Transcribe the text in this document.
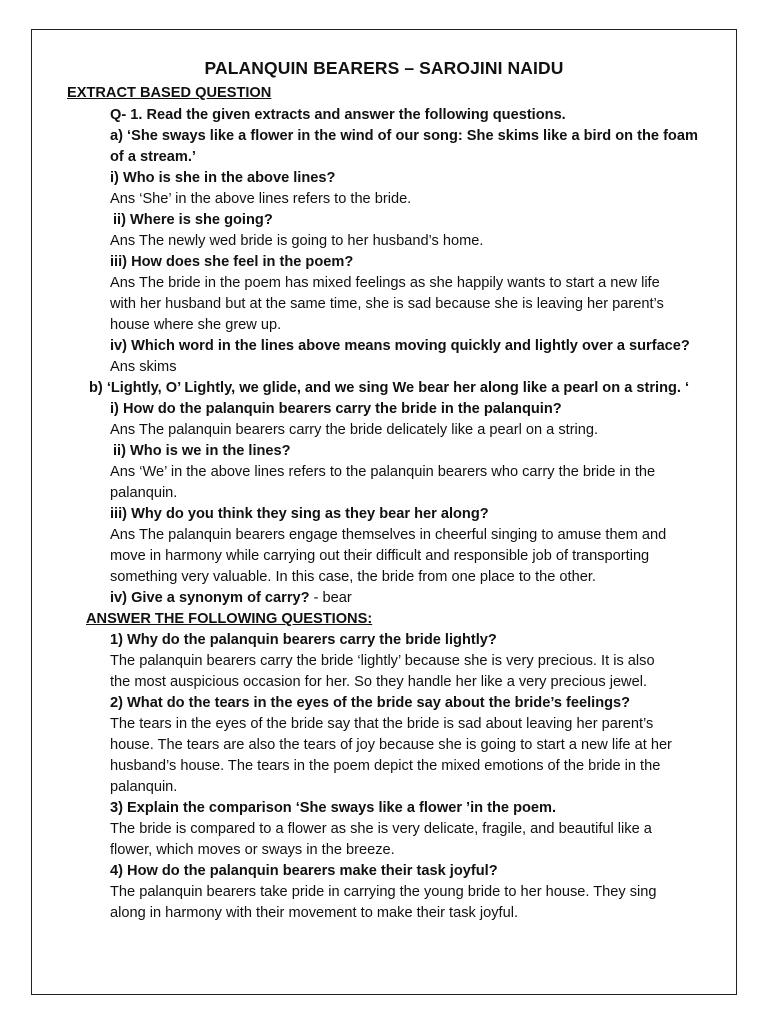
PALANQUIN BEARERS – SAROJINI NAIDU
EXTRACT BASED QUESTION
Q- 1. Read the given extracts and answer the following questions.
a) ‘She sways like a flower in the wind of our song: She skims like a bird on the foam
of a stream.’
i) Who is she in the above lines?
Ans ‘She’ in the above lines refers to the bride.
ii) Where is she going?
Ans The newly wed bride is going to her husband’s home.
iii) How does she feel in the poem?
Ans The bride in the poem has mixed feelings as she happily wants to start a new life
with her husband but at the same time, she is sad because she is leaving her parent’s
house where she grew up.
iv) Which word in the lines above means moving quickly and lightly over a surface?
Ans skims
b) ‘Lightly, O’ Lightly, we glide, and we sing We bear her along like a pearl on a string. ‘
i) How do the palanquin bearers carry the bride in the palanquin?
Ans The palanquin bearers carry the bride delicately like a pearl on a string.
ii) Who is we in the lines?
Ans ‘We’ in the above lines refers to the palanquin bearers who carry the bride in the
palanquin.
iii) Why do you think they sing as they bear her along?
Ans The palanquin bearers engage themselves in cheerful singing to amuse them and
move in harmony while carrying out their difficult and responsible job of transporting
something very valuable. In this case, the bride from one place to the other.
iv) Give a synonym of carry? - bear
ANSWER THE FOLLOWING QUESTIONS:
1) Why do the palanquin bearers carry the bride lightly?
The palanquin bearers carry the bride ‘lightly’ because she is very precious. It is also
the most auspicious occasion for her. So they handle her like a very precious jewel.
2) What do the tears in the eyes of the bride say about the bride’s feelings?
The tears in the eyes of the bride say that the bride is sad about leaving her parent’s
house. The tears are also the tears of joy because she is going to start a new life at her
husband’s house. The tears in the poem depict the mixed emotions of the bride in the
palanquin.
3) Explain the comparison ‘She sways like a flower ’in the poem.
The bride is compared to a flower as she is very delicate, fragile, and beautiful like a
flower, which moves or sways in the breeze.
4) How do the palanquin bearers make their task joyful?
The palanquin bearers take pride in carrying the young bride to her house. They sing
along in harmony with their movement to make their task joyful.
